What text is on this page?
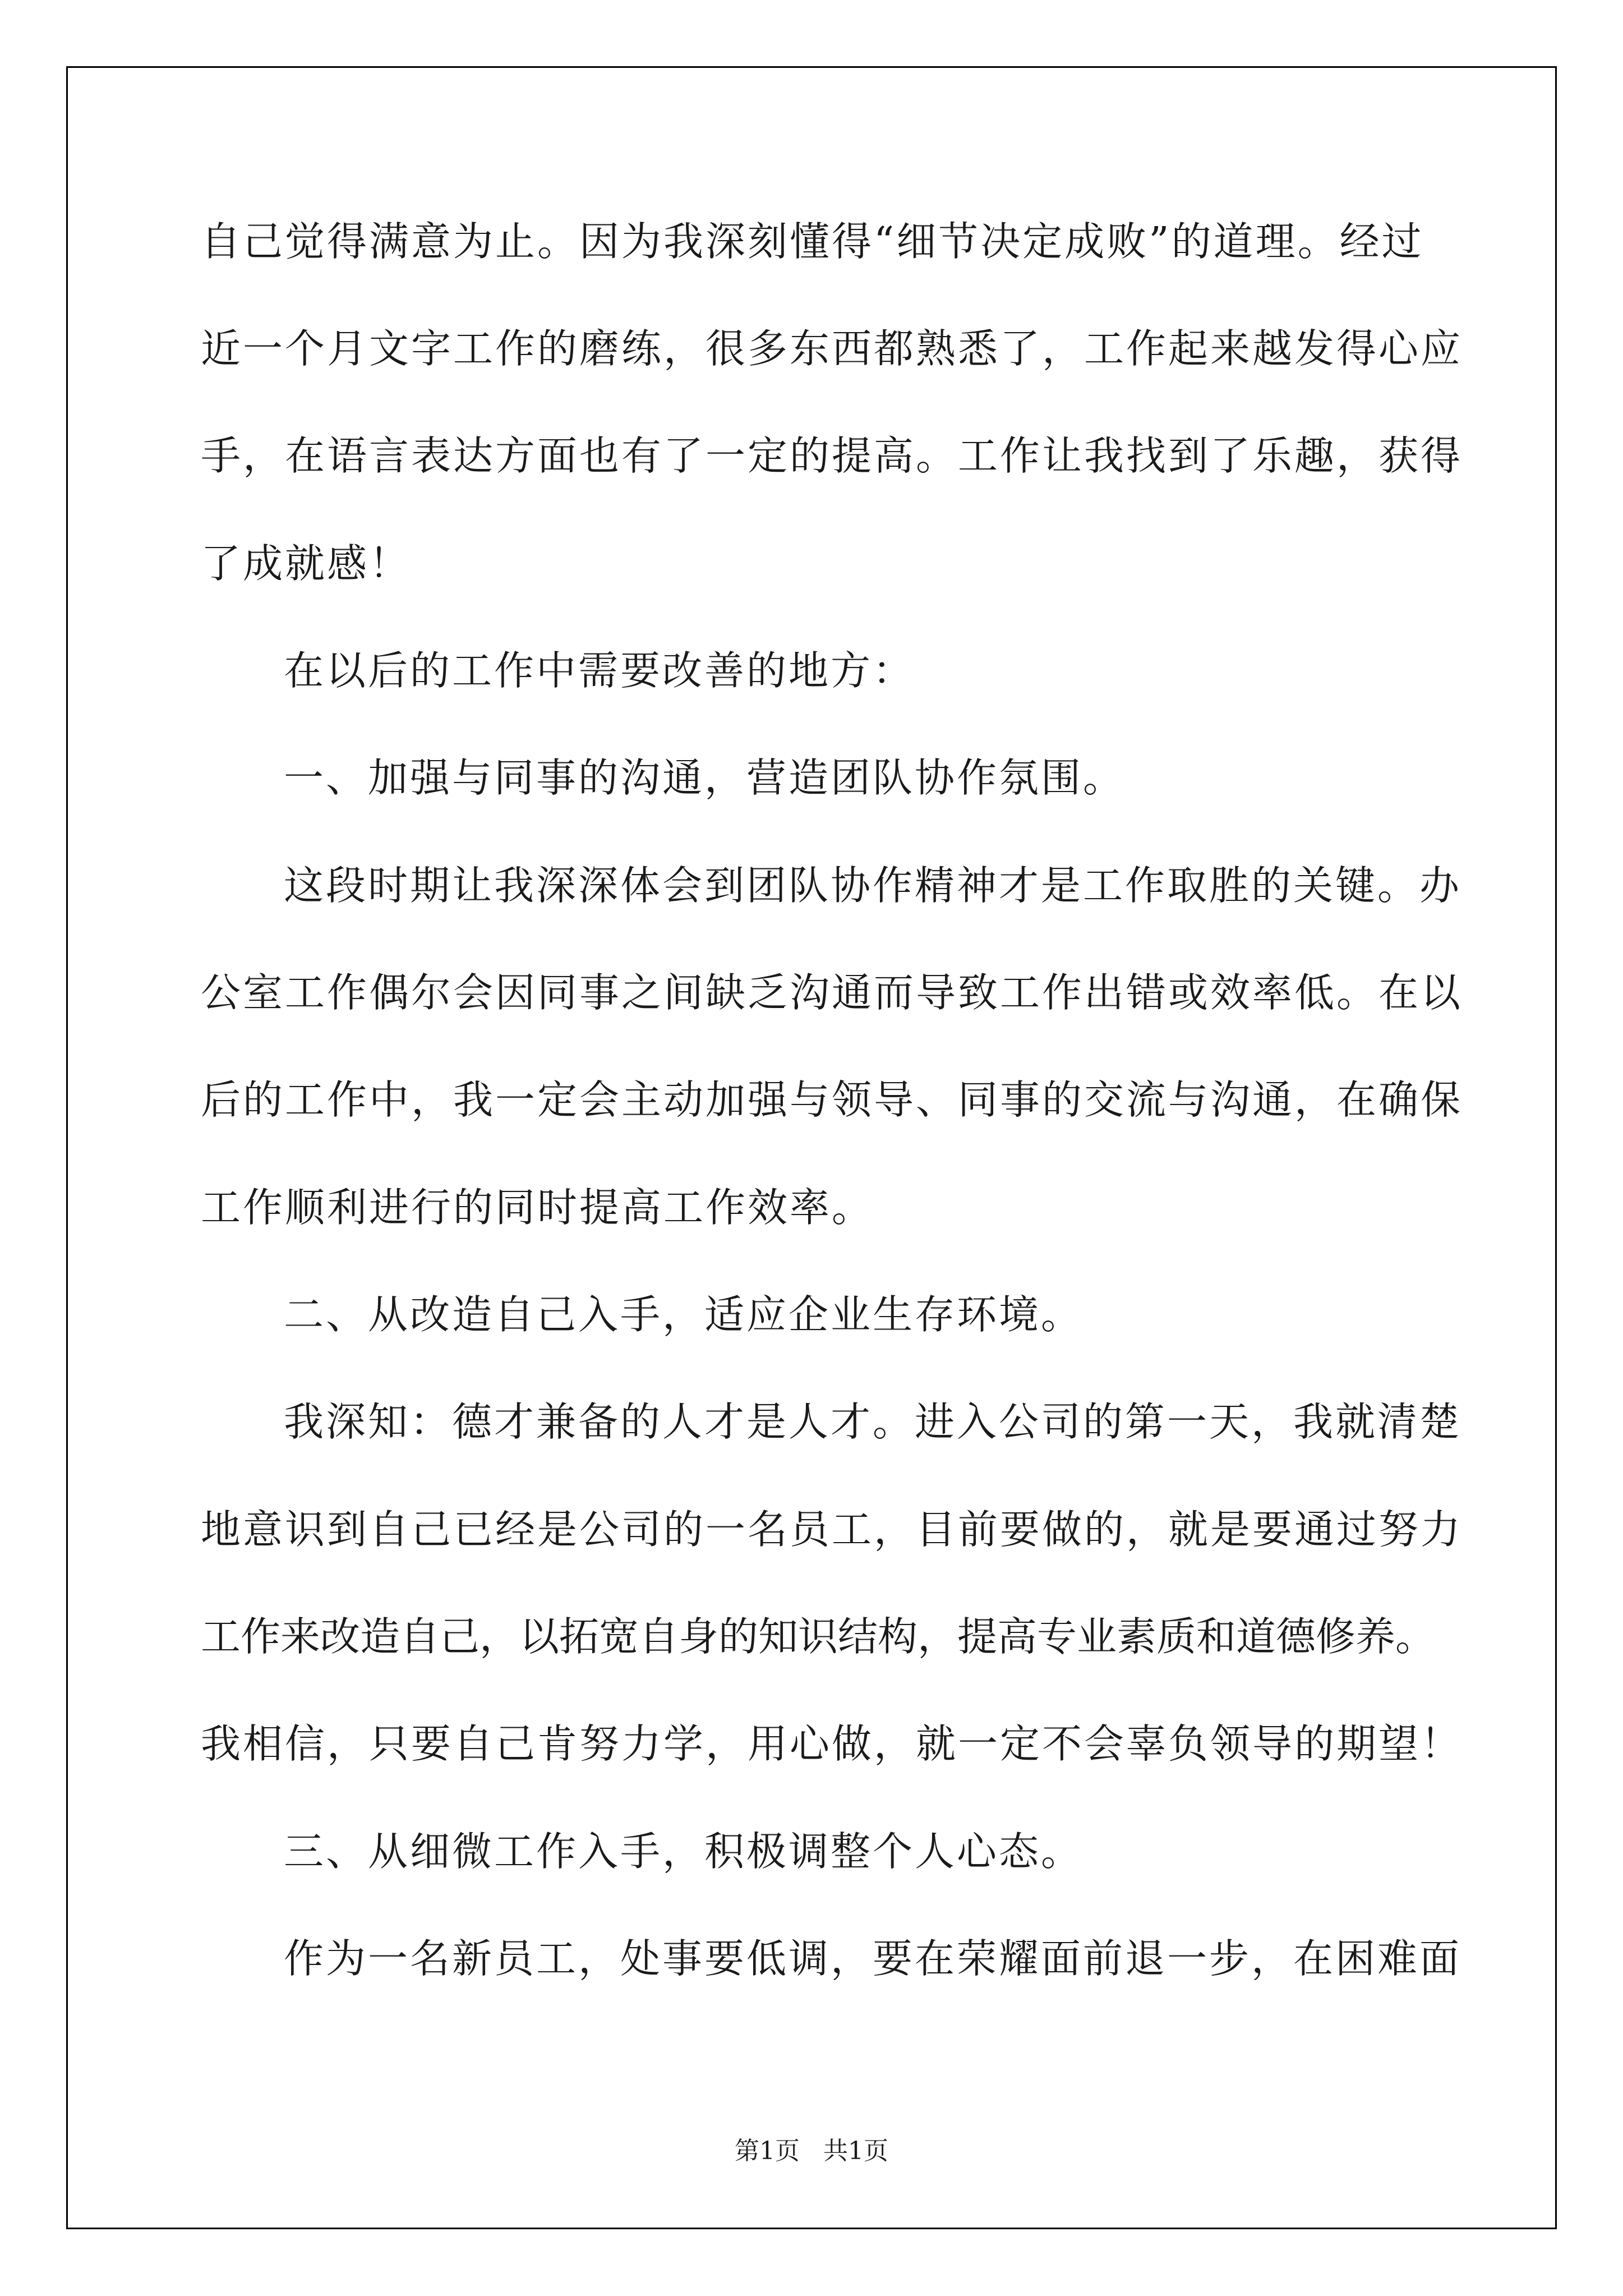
自己觉得满意为止。因为我深刻懂得“细节决定成败”的道理。经过
近一个月文字工作的磨练，很多东西都熟悉了，工作起来越发得心应
手，在语言表达方面也有了一定的提高。工作让我找到了乐趣，获得
了成就感！
在以后的工作中需要改善的地方：
一、加强与同事的沟通，营造团队协作氛围。
这段时期让我深深体会到团队协作精神才是工作取胜的关键。办
公室工作偶尔会因同事之间缺乏沟通而导致工作出错或效率低。在以
后的工作中，我一定会主动加强与领导、同事的交流与沟通，在确保
工作顺利进行的同时提高工作效率。
二、从改造自己入手，适应企业生存环境。
我深知：德才兼备的人才是人才。进入公司的第一天，我就清楚
地意识到自己已经是公司的一名员工，目前要做的，就是要通过努力
工作来改造自己，以拓宽自身的知识结构，提高专业素质和道德修养。
我相信，只要自己肯努力学，用心做，就一定不会辜负领导的期望！
三、从细微工作入手，积极调整个人心态。
作为一名新员工，处事要低调，要在荣耀面前退一步，在困难面
第1页   共1页
